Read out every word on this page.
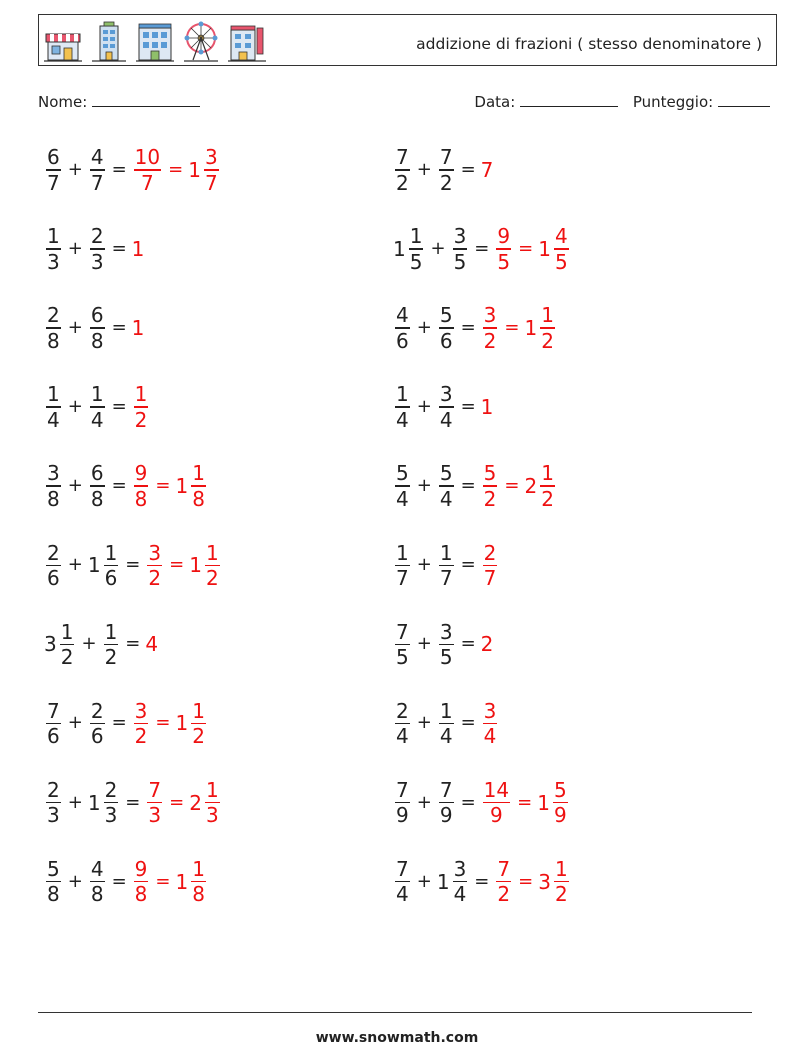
addizione di frazioni ( stesso denominatore )
Nome:	Data:	Punteggio:
$\frac{6}{7} + \frac{4}{7} = \frac{10}{7} = 1 \frac{3}{7}$	$\frac{7}{2} + \frac{7}{2} = 7$
$\frac{1}{3} + \frac{2}{3} = 1$	$1 \frac{1}{5} + \frac{3}{5} = \frac{9}{5} = 1 \frac{4}{5}$
$\frac{2}{8} + \frac{6}{8} = 1$	$\frac{4}{6} + \frac{5}{6} = \frac{3}{2} = 1 \frac{1}{2}$
$\frac{1}{4} + \frac{1}{4} = \frac{1}{2}$	$\frac{1}{4} + \frac{3}{4} = 1$
$\frac{3}{8} + \frac{6}{8} = \frac{9}{8} = 1 \frac{1}{8}$	$\frac{5}{4} + \frac{5}{4} = \frac{5}{2} = 2 \frac{1}{2}$
$\frac{2}{6} + 1 \frac{1}{6} = \frac{3}{2} = 1 \frac{1}{2}$	$\frac{1}{7} + \frac{1}{7} = \frac{2}{7}$
$3 \frac{1}{2} + \frac{1}{2} = 4$	$\frac{7}{5} + \frac{3}{5} = 2$
$\frac{7}{6} + \frac{2}{6} = \frac{3}{2} = 1 \frac{1}{2}$	$\frac{2}{4} + \frac{1}{4} = \frac{3}{4}$
$\frac{2}{3} + 1 \frac{2}{3} = \frac{7}{3} = 2 \frac{1}{3}$	$\frac{7}{9} + \frac{7}{9} = \frac{14}{9} = 1 \frac{5}{9}$
$\frac{5}{8} + \frac{4}{8} = \frac{9}{8} = 1 \frac{1}{8}$	$\frac{7}{4} + 1 \frac{3}{4} = \frac{7}{2} = 3 \frac{1}{2}$
www.snowmath.com
